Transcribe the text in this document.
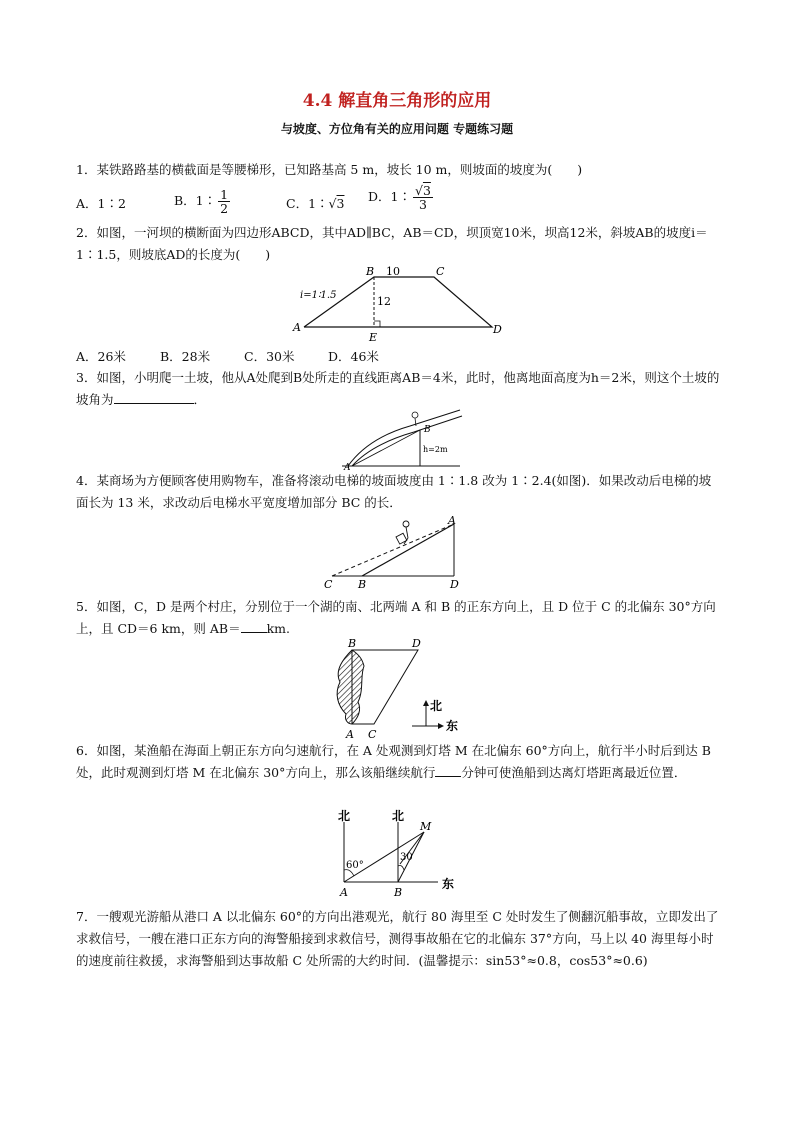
4.4 解直角三角形的应用
与坡度、方位角有关的应用问题 专题练习题
1．某铁路路基的横截面是等腰梯形，已知路基高 5 m，坡长 10 m，则坡面的坡度为(　　)
A．1∶2	B．1∶ $\frac{1}{2}$	C．1∶√3 D．1∶ $\frac{√3}{3}$
2．如图，一河坝的横断面为四边形ABCD，其中AD∥BC，AB＝CD，坝顶宽10米，坝高12米，斜坡AB的坡度i＝1∶1.5，则坡底AD的长度为(　　)
A
B	C
D
E
10
12
i=1∶1.5
A．26米	B．28米	C．30米	D．46米
3．如图，小明爬一土坡，他从A处爬到B处所走的直线距离AB＝4米，此时，他离地面高度为h＝2米，则这个土坡的坡角为	．
A
B
h=2m
4．某商场为方便顾客使用购物车，准备将滚动电梯的坡面坡度由 1∶1.8 改为 1∶2.4(如图)．如果改动后电梯的坡面长为 13 米，求改动后电梯水平宽度增加部分 BC 的长．
C B	D
A
5．如图，C，D 是两个村庄，分别位于一个湖的南、北两端 A 和 B 的正东方向上，且 D 位于 C 的北偏东 30°方向上，且 CD＝6 km，则 AB＝ km.
B	D
A C
北
东
6．如图，某渔船在海面上朝正东方向匀速航行，在 A 处观测到灯塔 M 在北偏东 60°方向上，航行半小时后到达 B 处，此时观测到灯塔 M 在北偏东 30°方向上，那么该船继续航行 分钟可使渔船到达离灯塔距离最近位置．
北	北
东
M
A	B
60°
30
7．一艘观光游船从港口 A 以北偏东 60°的方向出港观光，航行 80 海里至 C 处时发生了侧翻沉船事故，立即发出了求救信号，一艘在港口正东方向的海警船接到求救信号，测得事故船在它的北偏东 37°方向，马上以 40 海里每小时的速度前往救援，求海警船到达事故船 C 处所需的大约时间．(温馨提示：sin53°≈0.8，cos53°≈0.6)
